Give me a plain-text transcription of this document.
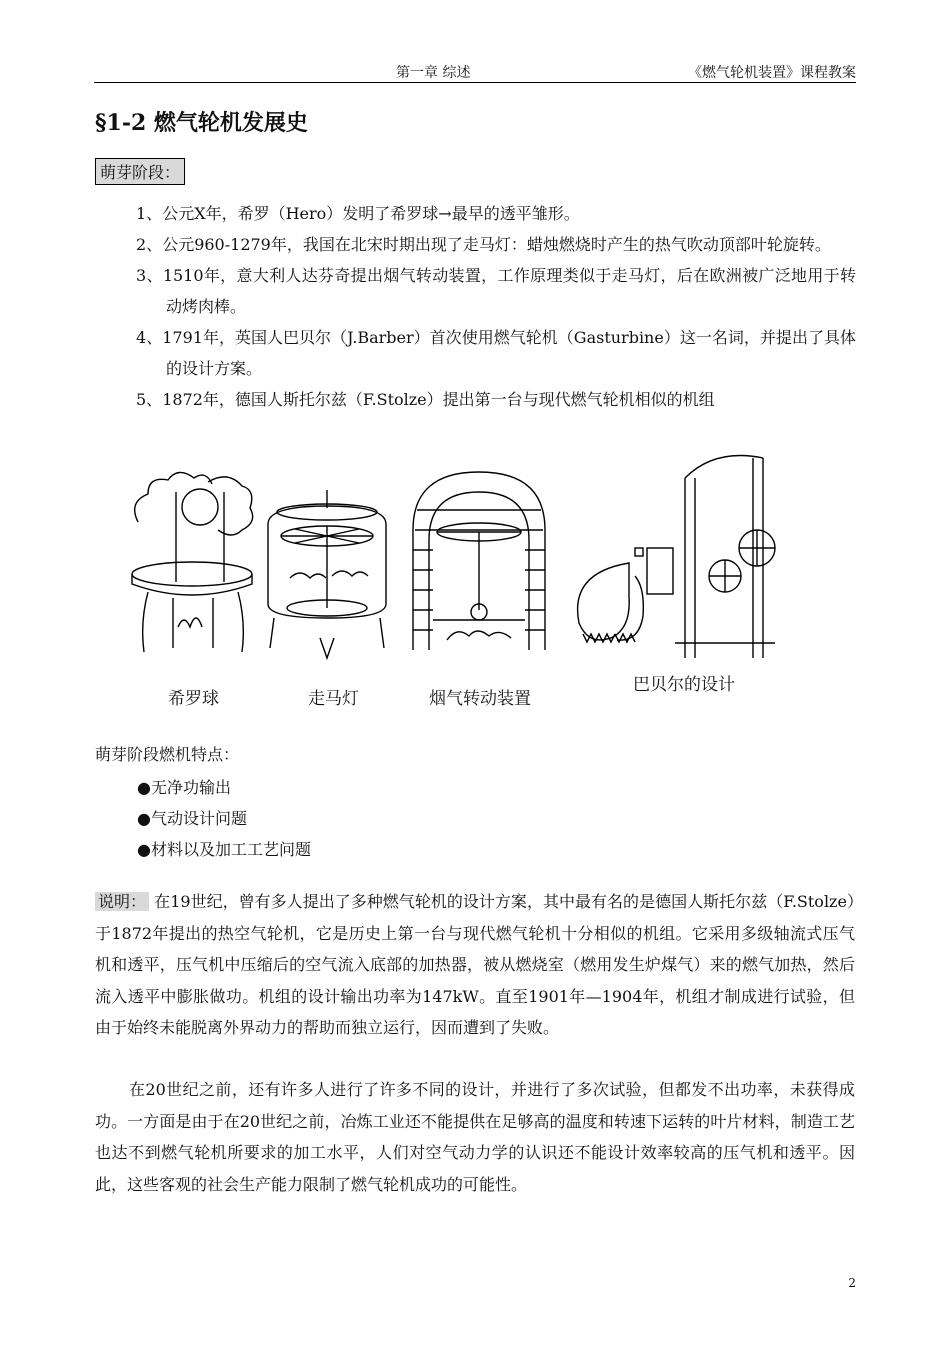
第一章 综述	《燃气轮机装置》课程教案
§1-2 燃气轮机发展史
萌芽阶段：
1、公元X年，希罗（Hero）发明了希罗球→最早的透平雏形。
2、公元960-1279年，我国在北宋时期出现了走马灯：蜡烛燃烧时产生的热气吹动顶部叶轮旋转。
3、1510年，意大利人达芬奇提出烟气转动装置，工作原理类似于走马灯，后在欧洲被广泛地用于转动烤肉棒。
4、1791年，英国人巴贝尔（J.Barber）首次使用燃气轮机（Gasturbine）这一名词，并提出了具体的设计方案。
5、1872年，德国人斯托尔兹（F.Stolze）提出第一台与现代燃气轮机相似的机组
希罗球	走马灯	烟气转动装置
巴贝尔的设计
萌芽阶段燃机特点：
●无净功输出
●气动设计问题
●材料以及加工工艺问题
说明： 在19世纪，曾有多人提出了多种燃气轮机的设计方案，其中最有名的是德国人斯托尔兹（F.Stolze）于1872年提出的热空气轮机，它是历史上第一台与现代燃气轮机十分相似的机组。它采用多级轴流式压气机和透平，压气机中压缩后的空气流入底部的加热器，被从燃烧室（燃用发生炉煤气）来的燃气加热，然后流入透平中膨胀做功。机组的设计输出功率为147kW。直至1901年—1904年，机组才制成进行试验，但由于始终未能脱离外界动力的帮助而独立运行，因而遭到了失败。
在20世纪之前，还有许多人进行了许多不同的设计，并进行了多次试验，但都发不出功率，未获得成功。一方面是由于在20世纪之前，冶炼工业还不能提供在足够高的温度和转速下运转的叶片材料，制造工艺也达不到燃气轮机所要求的加工水平，人们对空气动力学的认识还不能设计效率较高的压气机和透平。因此，这些客观的社会生产能力限制了燃气轮机成功的可能性。
2
